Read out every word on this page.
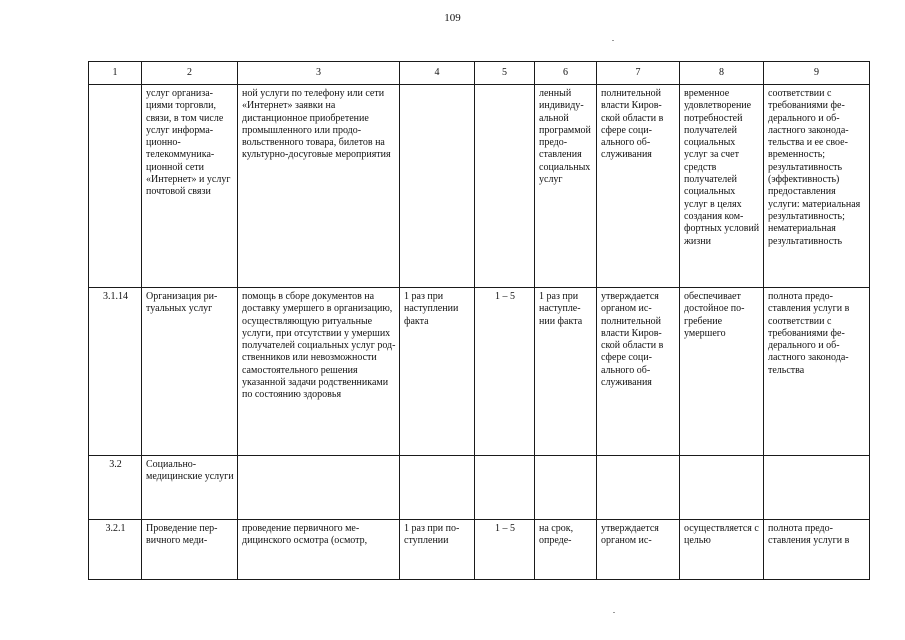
109
1	2	3	4	5	6	7	8	9
	услуг организациями торговли, связи, в том числе услуг информационно-телекоммуникационной сети «Интернет» и услуг почтовой связи	ной услуги по телефону или сети «Интернет» заявки на дистанционное приобретение промышленного или продовольственного товара, билетов на культурно-досуговые мероприятия			ленный индивидуальной программой предоставления социальных услуг	полнительной власти Кировской области в сфере социального обслуживания	временное удовлетворение потребностей получателей социальных услуг за счет средств получателей социальных услуг в целях создания комфортных условий жизни	соответствии с требованиями федерального и областного законодательства и ее своевременность; результативность (эффективность) предоставления услуги: материальная результативность; нематериальная результативность
3.1.14	Организация ритуальных услуг	помощь в сборе документов на доставку умершего в организацию, осуществляющую ритуальные услуги, при отсутствии у умерших получателей социальных услуг родственников или невозможности самостоятельного решения указанной задачи родственниками по состоянию здоровья	1 раз при наступлении факта	1 – 5	1 раз при наступлении факта	утверждается органом исполнительной власти Кировской области в сфере социального обслуживания	обеспечивает достойное погребение умершего	полнота предоставления услуги в соответствии с требованиями федерального и областного законодательства
3.2	Социально-медицинские услуги							
3.2.1	Проведение первичного меди-	проведение первичного медицинского осмотра (осмотр,	1 раз при поступлении	1 – 5	на срок, опреде-	утверждается органом ис-	осуществляется с целью	полнота предоставления услуги в
